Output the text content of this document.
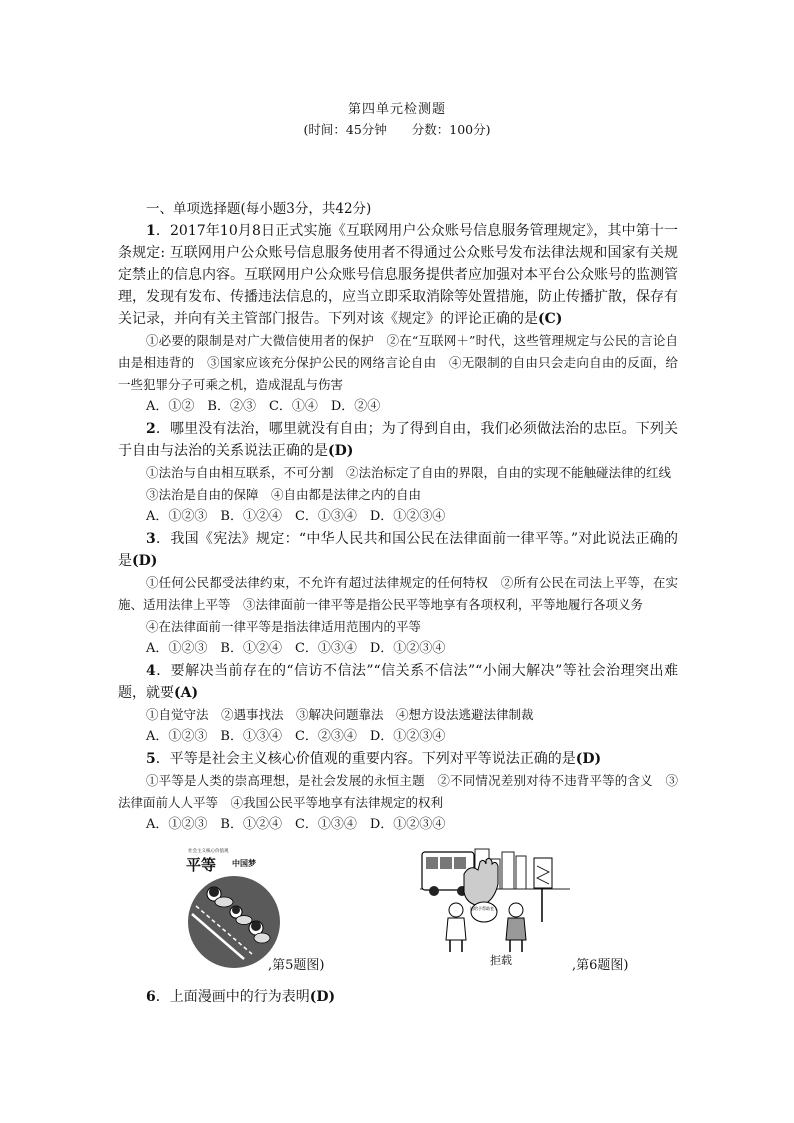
第四单元检测题
(时间：45分钟　　分数：100分)
一、单项选择题(每小题3分，共42分)

1．2017年10月8日正式实施《互联网用户公众账号信息服务管理规定》，其中第十一条规定: 互联网用户公众账号信息服务使用者不得通过公众账号发布法律法规和国家有关规定禁止的信息内容。互联网用户公众账号信息服务提供者应加强对本平台公众账号的监测管理，发现有发布、传播违法信息的，应当立即采取消除等处置措施，防止传播扩散，保存有关记录，并向有关主管部门报告。下列对该《规定》的评论正确的是(C)

①必要的限制是对广大微信使用者的保护　②在“互联网＋”时代，这些管理规定与公民的言论自由是相违背的　③国家应该充分保护公民的网络言论自由　④无限制的自由只会走向自由的反面，给一些犯罪分子可乘之机，造成混乱与伤害

A．①②　B．②③　C．①④　D．②④

2．哪里没有法治，哪里就没有自由；为了得到自由，我们必须做法治的忠臣。下列关于自由与法治的关系说法正确的是(D)

①法治与自由相互联系，不可分割　②法治标定了自由的界限，自由的实现不能触碰法律的红线

③法治是自由的保障　④自由都是法律之内的自由

A．①②③　B．①②④　C．①③④　D．①②③④

3．我国《宪法》规定：“中华人民共和国公民在法律面前一律平等。”对此说法正确的是(D)

①任何公民都受法律约束，不允许有超过法律规定的任何特权　②所有公民在司法上平等，在实施、适用法律上平等　③法律面前一律平等是指公民平等地享有各项权利，平等地履行各项义务

④在法律面前一律平等是指法律适用范围内的平等

A．①②③　B．①②④　C．①③④　D．①②③④

4．要解决当前存在的“信访不信法”“信关系不信法”“小闹大解决”等社会治理突出难题，就要(A)

①自觉守法　②遇事找法　③解决问题靠法　④想方设法逃避法律制裁

A．①②③　B．①③④　C．②③④　D．①②③④

5．平等是社会主义核心价值观的重要内容。下列对平等说法正确的是(D)

①平等是人类的崇高理想，是社会发展的永恒主题　②不同情况差别对待不违背平等的含义　③法律面前人人平等　④我国公民平等地享有法律规定的权利

A．①②③　B．①②④　C．①③④　D．①②③④

社会主义核心价值观
平等 中国梦
,第5题图)
请给予帮助老人
拒载	,第6题图)

6．上面漫画中的行为表明(D)
